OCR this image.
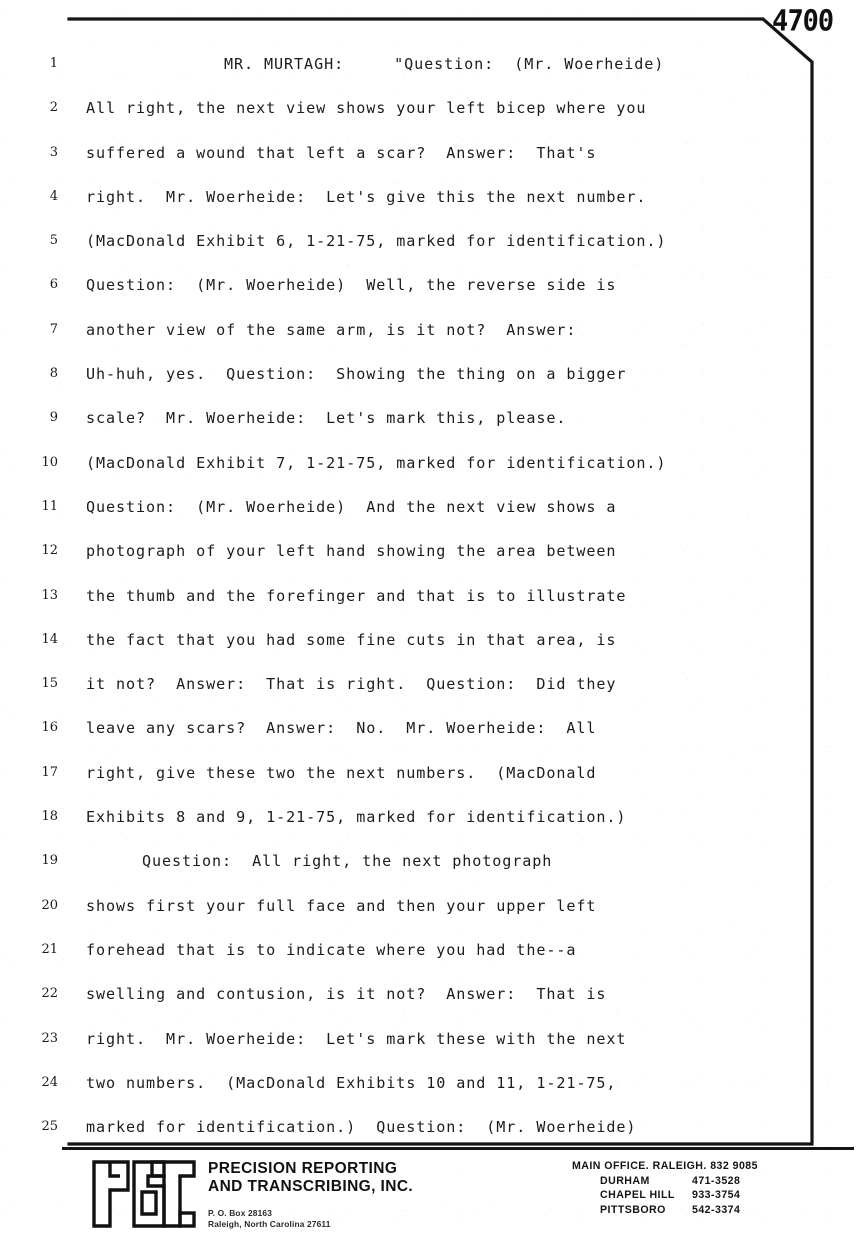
4700
1
2
3
4
5
6
7
8
9
10
11
12
13
14
15
16
17
18
19
20
21
22
23
24
25
MR. MURTAGH:     "Question:  (Mr. Woerheide)
All right, the next view shows your left bicep where you
suffered a wound that left a scar?  Answer:  That's
right.  Mr. Woerheide:  Let's give this the next number.
(MacDonald Exhibit 6, 1-21-75, marked for identification.)
Question:  (Mr. Woerheide)  Well, the reverse side is
another view of the same arm, is it not?  Answer:
Uh-huh, yes.  Question:  Showing the thing on a bigger
scale?  Mr. Woerheide:  Let's mark this, please.
(MacDonald Exhibit 7, 1-21-75, marked for identification.)
Question:  (Mr. Woerheide)  And the next view shows a
photograph of your left hand showing the area between
the thumb and the forefinger and that is to illustrate
the fact that you had some fine cuts in that area, is
it not?  Answer:  That is right.  Question:  Did they
leave any scars?  Answer:  No.  Mr. Woerheide:  All
right, give these two the next numbers.  (MacDonald
Exhibits 8 and 9, 1-21-75, marked for identification.)
Question:  All right, the next photograph
shows first your full face and then your upper left
forehead that is to indicate where you had the--a
swelling and contusion, is it not?  Answer:  That is
right.  Mr. Woerheide:  Let's mark these with the next
two numbers.  (MacDonald Exhibits 10 and 11, 1-21-75,
marked for identification.)  Question:  (Mr. Woerheide)
PRECISION REPORTING
AND TRANSCRIBING, INC.
P. O. Box 28163
Raleigh, North Carolina 27611
MAIN OFFICE. RALEIGH. 832 9085
DURHAM	471-3528
CHAPEL HILL	933-3754
PITTSBORO	542-3374
